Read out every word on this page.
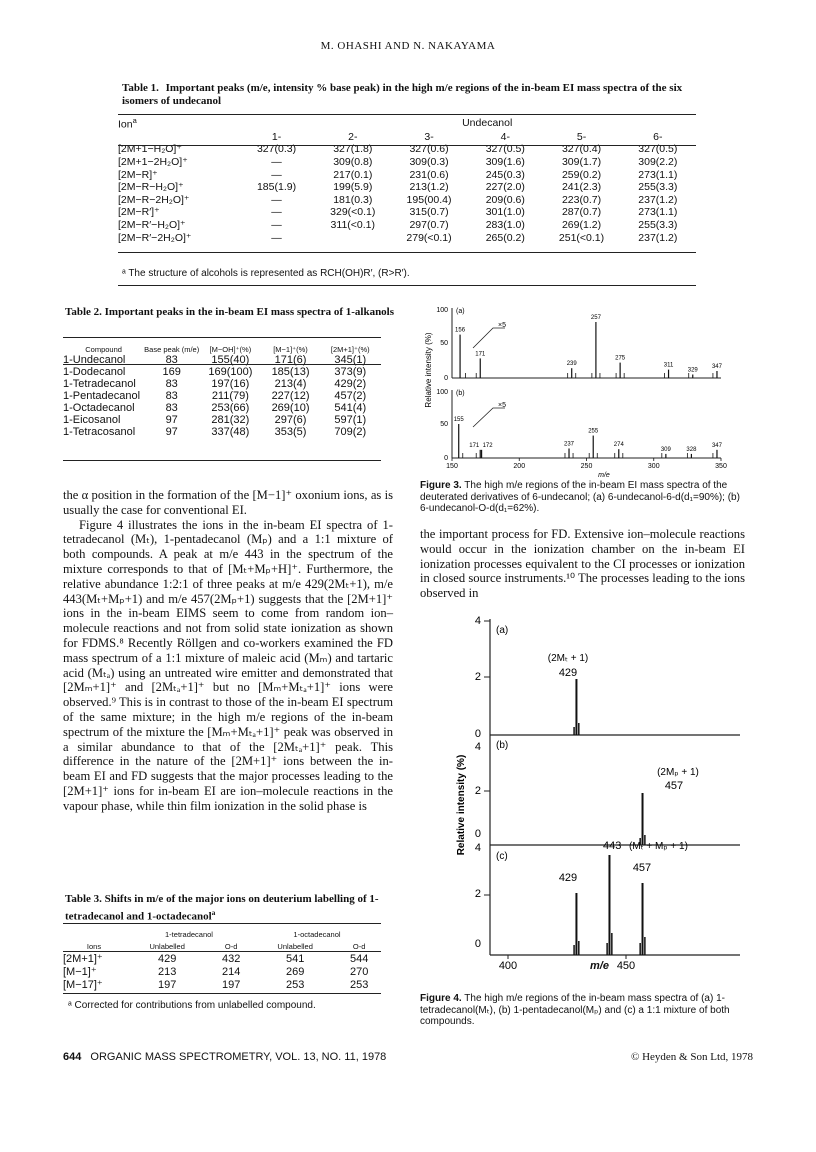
M. OHASHI AND N. NAKAYAMA
Table 1. Important peaks (m/e, intensity % base peak) in the high m/e regions of the in-beam EI mass spectra of the six isomers of undecanol
Ion$^a$	Undecanol					
	1-	2-	3-	4-	5-	6-
[2M+1−H₂O]⁺	327(0.3)	327(1.8)	327(0.6)	327(0.5)	327(0.4)	327(0.5)
[2M+1−2H₂O]⁺	—	309(0.8)	309(0.3)	309(1.6)	309(1.7)	309(2.2)
[2M−R]⁺	—	217(0.1)	231(0.6)	245(0.3)	259(0.2)	273(1.1)
[2M−R−H₂O]⁺	185(1.9)	199(5.9)	213(1.2)	227(2.0)	241(2.3)	255(3.3)
[2M−R−2H₂O]⁺	—	181(0.3)	195(00.4)	209(0.6)	223(0.7)	237(1.2)
[2M−R′]⁺	—	329(<0.1)	315(0.7)	301(1.0)	287(0.7)	273(1.1)
[2M−R′−H₂O]⁺	—	311(<0.1)	297(0.7)	283(1.0)	269(1.2)	255(3.3)
[2M−R′−2H₂O]⁺	—		279(<0.1)	265(0.2)	251(<0.1)	237(1.2)
ᵃ The structure of alcohols is represented as RCH(OH)R′, (R>R′).
Table 2. Important peaks in the in-beam EI mass spectra of 1-alkanols
Compound	Base peak (m/e)	[M−OH]⁺(%)	[M−1]⁺(%)	[2M+1]⁺(%)
1-Undecanol	83	155(40)	171(6)	345(1)
1-Dodecanol	169	169(100)	185(13)	373(9)
1-Tetradecanol	83	197(16)	213(4)	429(2)
1-Pentadecanol	83	211(79)	227(12)	457(2)
1-Octadecanol	83	253(66)	269(10)	541(4)
1-Eicosanol	97	281(32)	297(6)	597(1)
1-Tetracosanol	97	337(48)	353(5)	709(2)

the α position in the formation of the [M−1]⁺ oxonium ions, as is usually the case for conventional EI.

Figure 4 illustrates the ions in the in-beam EI spectra of 1-tetradecanol (Mₜ), 1-pentadecanol (Mₚ) and a 1:1 mixture of both compounds. A peak at m/e 443 in the spectrum of the mixture corresponds to that of [Mₜ+Mₚ+H]⁺. Furthermore, the relative abundance 1:2:1 of three peaks at m/e 429(2Mₜ+1), m/e 443(Mₜ+Mₚ+1) and m/e 457(2Mₚ+1) suggests that the [2M+1]⁺ ions in the in-beam EIMS seem to come from random ion–molecule reactions and not from solid state ionization as shown for FDMS.⁸ Recently Röllgen and co-workers examined the FD mass spectrum of a 1:1 mixture of maleic acid (Mₘ) and tartaric acid (Mₜₐ) using an untreated wire emitter and demonstrated that [2Mₘ+1]⁺ and [2Mₜₐ+1]⁺ but no [Mₘ+Mₜₐ+1]⁺ ions were observed.⁹ This is in contrast to those of the in-beam EI spectrum of the same mixture; in the high m/e regions of the in-beam spectrum of the mixture the [Mₘ+Mₜₐ+1]⁺ peak was observed in a similar abundance to that of the [2Mₜₐ+1]⁺ peak. This difference in the nature of the [2M+1]⁺ ions between the in-beam EI and FD suggests that the major processes leading to the [2M+1]⁺ ions for in-beam EI are ion–molecule reactions in the vapour phase, while thin film ionization in the solid phase is

Table 3. Shifts in m/e of the major ions on deuterium labelling of 1-tetradecanol and 1-octadecanol$^a$
	1-tetradecanol		1-octadecanol	
Ions	Unlabelled	O-d	Unlabelled	O-d
[2M+1]⁺	429	432	541	544
[M−1]⁺	213	214	269	270
[M−17]⁺	197	197	253	253
ᵃ Corrected for contributions from unlabelled compound.
Relative intensity (%)
100
50
0
(a)
×5
156
171
239
257
275
311
329
347
100
50
0
(b)
×5
155
171 172	237
255
274
309	328
347
150	200	250	300	350
m/e
Figure 3. The high m/e regions of the in-beam EI mass spectra of the deuterated derivatives of 6-undecanol; (a) 6-undecanol-6-d(d₁=90%); (b) 6-undecanol-O-d(d₁=62%).
the important process for FD. Extensive ion–molecule reactions would occur in the ionization chamber on the in-beam EI ionization processes equivalent to the CI processes or ionization in closed source instruments.¹⁰ The processes leading to the ions observed in
Relative intensity (%)
4
2
0
4
2
0
4
2
0
(a)
(b)
(c)
(2Mₜ + 1)
429
(2Mₚ + 1)
457
429
443 (Mₜ + Mₚ + 1)
457
400	450
m/e
Figure 4. The high m/e regions of the in-beam mass spectra of (a) 1-tetradecanol(Mₜ), (b) 1-pentadecanol(Mₚ) and (c) a 1:1 mixture of both compounds.
644 ORGANIC MASS SPECTROMETRY, VOL. 13, NO. 11, 1978	© Heyden & Son Ltd, 1978
